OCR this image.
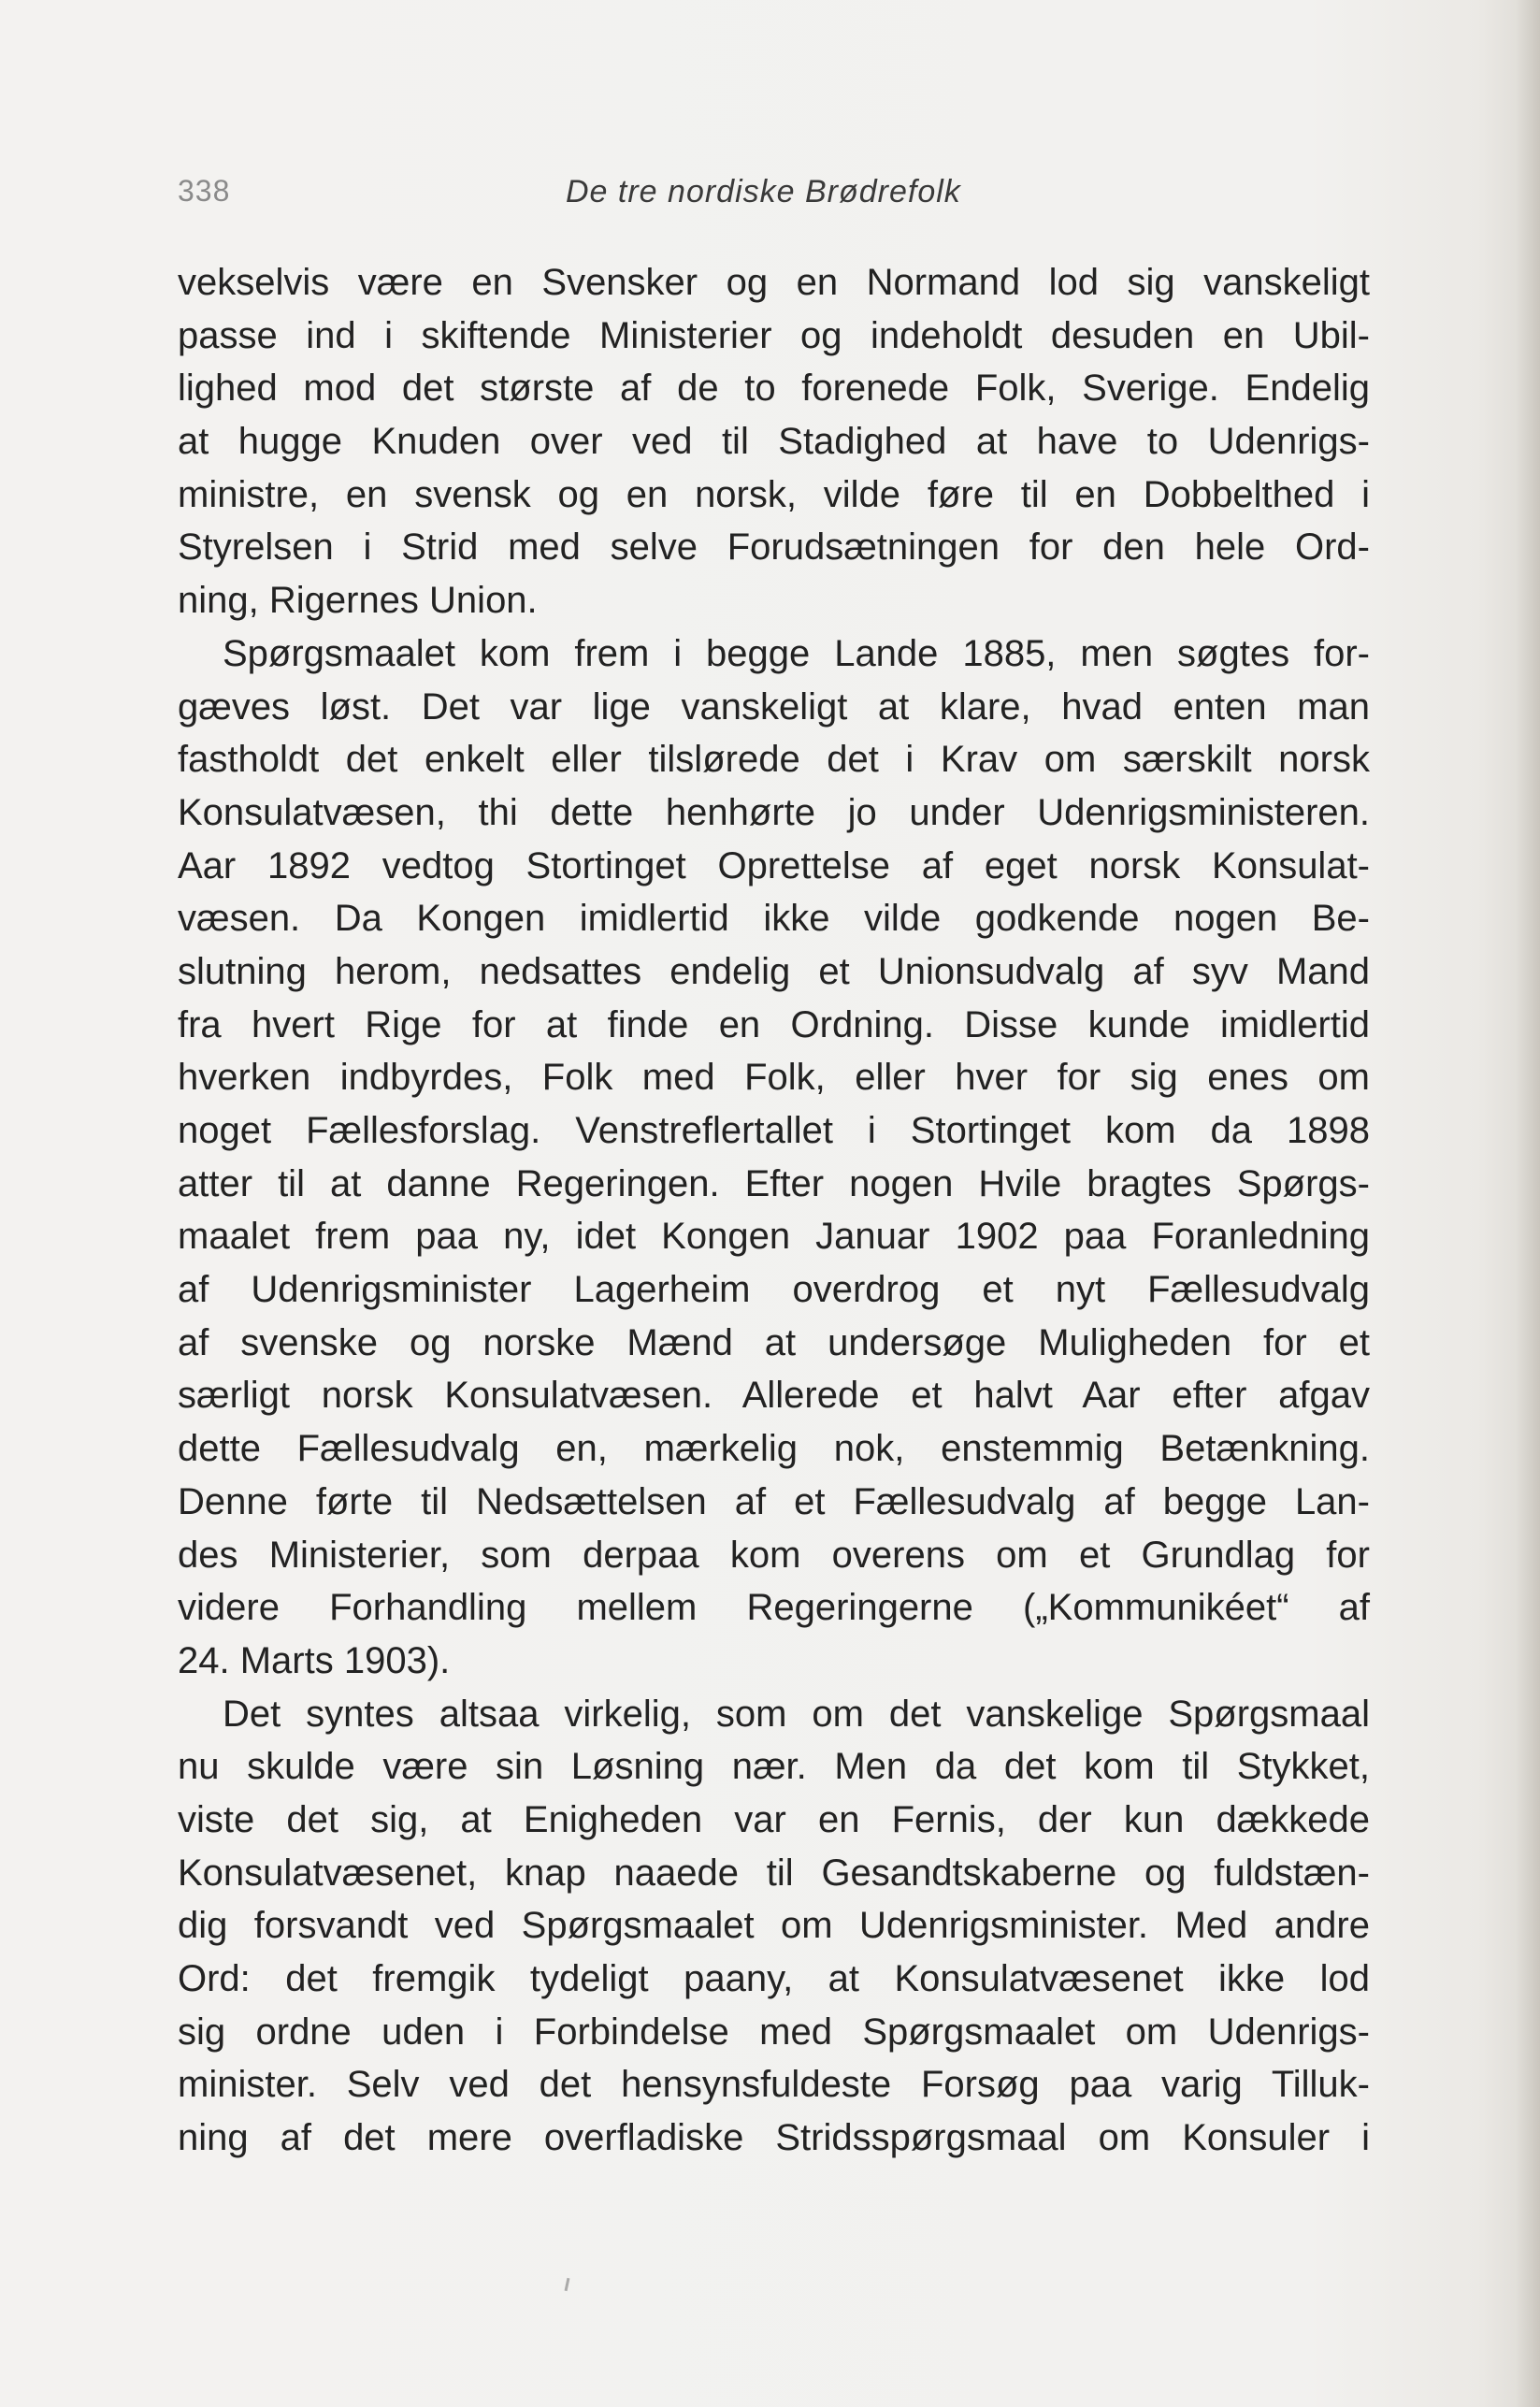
338	De tre nordiske Brødrefolk
vekselvis være en Svensker og en Normand lod sig vanskeligt
passe ind i skiftende Ministerier og indeholdt desuden en Ubil-
lighed mod det største af de to forenede Folk, Sverige. Endelig
at hugge Knuden over ved til Stadighed at have to Udenrigs-
ministre, en svensk og en norsk, vilde føre til en Dobbelthed i
Styrelsen i Strid med selve Forudsætningen for den hele Ord-
ning, Rigernes Union.
Spørgsmaalet kom frem i begge Lande 1885, men søgtes for-
gæves løst. Det var lige vanskeligt at klare, hvad enten man
fastholdt det enkelt eller tilslørede det i Krav om særskilt norsk
Konsulatvæsen, thi dette henhørte jo under Udenrigsministeren.
Aar 1892 vedtog Stortinget Oprettelse af eget norsk Konsulat-
væsen. Da Kongen imidlertid ikke vilde godkende nogen Be-
slutning herom, nedsattes endelig et Unionsudvalg af syv Mand
fra hvert Rige for at finde en Ordning. Disse kunde imidlertid
hverken indbyrdes, Folk med Folk, eller hver for sig enes om
noget Fællesforslag. Venstreflertallet i Stortinget kom da 1898
atter til at danne Regeringen. Efter nogen Hvile bragtes Spørgs-
maalet frem paa ny, idet Kongen Januar 1902 paa Foranledning
af Udenrigsminister Lagerheim overdrog et nyt Fællesudvalg
af svenske og norske Mænd at undersøge Muligheden for et
særligt norsk Konsulatvæsen. Allerede et halvt Aar efter afgav
dette Fællesudvalg en, mærkelig nok, enstemmig Betænkning.
Denne førte til Nedsættelsen af et Fællesudvalg af begge Lan-
des Ministerier, som derpaa kom overens om et Grundlag for
videre Forhandling mellem Regeringerne („Kommunikéet“ af
24. Marts 1903).
Det syntes altsaa virkelig, som om det vanskelige Spørgsmaal
nu skulde være sin Løsning nær. Men da det kom til Stykket,
viste det sig, at Enigheden var en Fernis, der kun dækkede
Konsulatvæsenet, knap naaede til Gesandtskaberne og fuldstæn-
dig forsvandt ved Spørgsmaalet om Udenrigsminister. Med andre
Ord: det fremgik tydeligt paany, at Konsulatvæsenet ikke lod
sig ordne uden i Forbindelse med Spørgsmaalet om Udenrigs-
minister. Selv ved det hensynsfuldeste Forsøg paa varig Tilluk-
ning af det mere overfladiske Stridsspørgsmaal om Konsuler i
